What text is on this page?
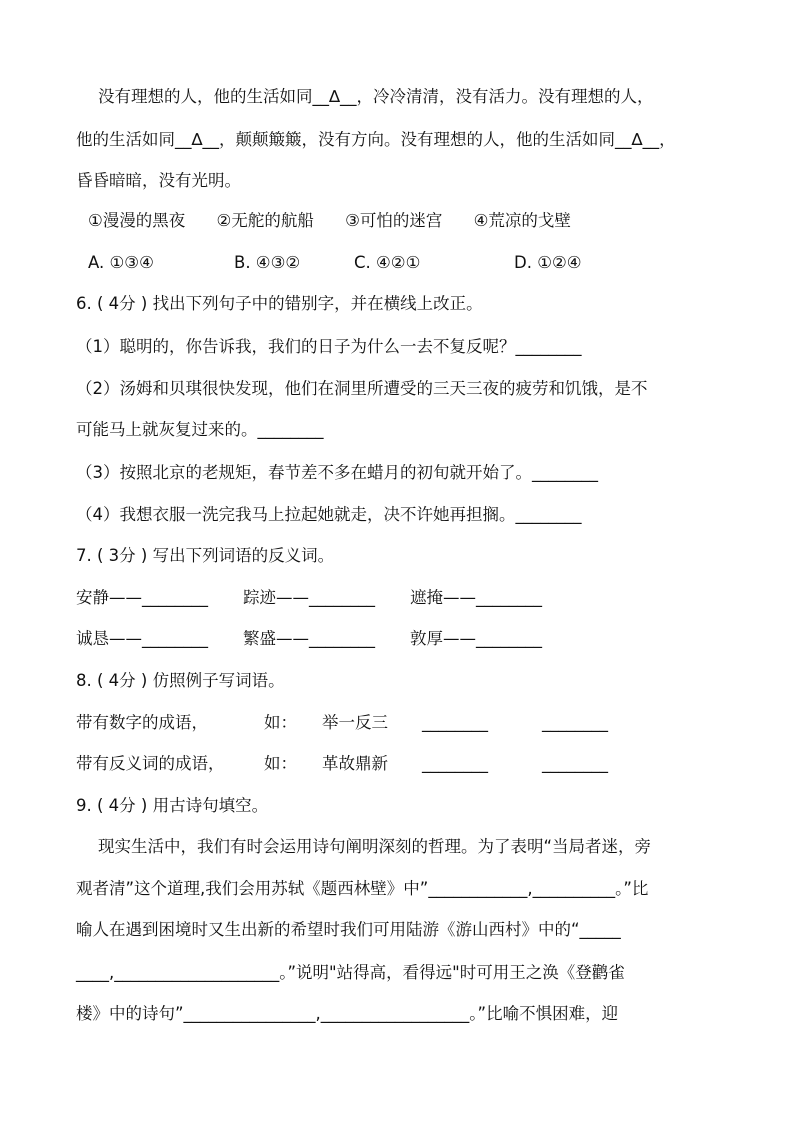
没有理想的人，他的生活如同__∆__，冷冷清清，没有活力。没有理想的人，
他的生活如同__∆__，颠颠簸簸，没有方向。没有理想的人，他的生活如同__∆__，
昏昏暗暗，没有光明。
①漫漫的黑夜 ②无舵的航船 ③可怕的迷宫 ④荒凉的戈壁
A. ①③④	B. ④③②	C. ④②①	D. ①②④
6. ( 4分 ) 找出下列句子中的错别字，并在横线上改正。
（1）聪明的，你告诉我，我们的日子为什么一去不复反呢？________
（2）汤姆和贝琪很快发现，他们在洞里所遭受的三天三夜的疲劳和饥饿，是不
可能马上就灰复过来的。________
（3）按照北京的老规矩，春节差不多在蜡月的初旬就开始了。________
（4）我想衣服一洗完我马上拉起她就走，决不许她再担搁。________
7. ( 3分 ) 写出下列词语的反义词。
安静——________ 踪迹——________ 遮掩——________
诚恳——________ 繁盛——________ 敦厚——________
8. ( 4分 ) 仿照例子写词语。
带有数字的成语，	如： 举一反三 ________	________
带有反义词的成语， 如： 革故鼎新 ________	________
9. ( 4分 ) 用古诗句填空。
现实生活中，我们有时会运用诗句阐明深刻的哲理。为了表明“当局者迷，旁
观者清”这个道理,我们会用苏轼《题西林壁》中”____________,__________。”比
喻人在遇到困境时又生出新的希望时我们可用陆游《游山西村》中的“_____
____,____________________。”说明"站得高，看得远"时可用王之涣《登鹳雀
楼》中的诗句”________________,__________________。”比喻不惧困难，迎
